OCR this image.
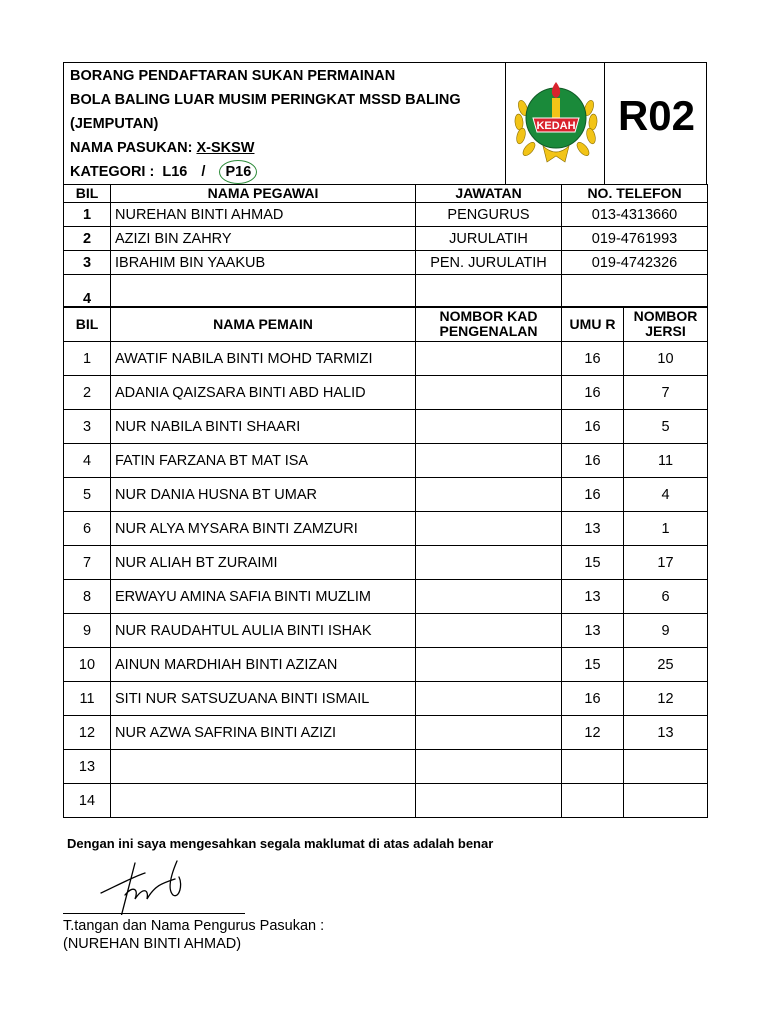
BORANG PENDAFTARAN SUKAN PERMAINAN
BOLA BALING LUAR MUSIM PERINGKAT MSSD BALING
(JEMPUTAN)
NAMA PASUKAN: X-SKSW
KATEGORI : L16 / P16
KEDAH R02
BIL	NAMA PEGAWAI	JAWATAN	NO. TELEFON
1	NUREHAN BINTI AHMAD	PENGURUS	013-4313660
2	AZIZI BIN ZAHRY	JURULATIH	019-4761993
3	IBRAHIM BIN YAAKUB	PEN. JURULATIH	019-4742326
4			
BIL	NAMA PEMAIN	NOMBOR KAD PENGENALAN	UMU R	NOMBOR JERSI
1	AWATIF NABILA BINTI MOHD TARMIZI		16	10
2	ADANIA QAIZSARA BINTI ABD HALID		16	7
3	NUR NABILA BINTI SHAARI		16	5
4	FATIN FARZANA BT MAT ISA		16	11
5	NUR DANIA HUSNA BT UMAR		16	4
6	NUR ALYA MYSARA BINTI ZAMZURI		13	1
7	NUR ALIAH BT ZURAIMI		15	17
8	ERWAYU AMINA SAFIA BINTI MUZLIM		13	6
9	NUR RAUDAHTUL AULIA BINTI ISHAK		13	9
10	AINUN MARDHIAH BINTI AZIZAN		15	25
11	SITI NUR SATSUZUANA BINTI ISMAIL		16	12
12	NUR AZWA SAFRINA BINTI AZIZI		12	13
13				
14				
Dengan ini saya mengesahkan segala maklumat di atas adalah benar
T.tangan dan Nama Pengurus Pasukan :
(NUREHAN BINTI AHMAD)
